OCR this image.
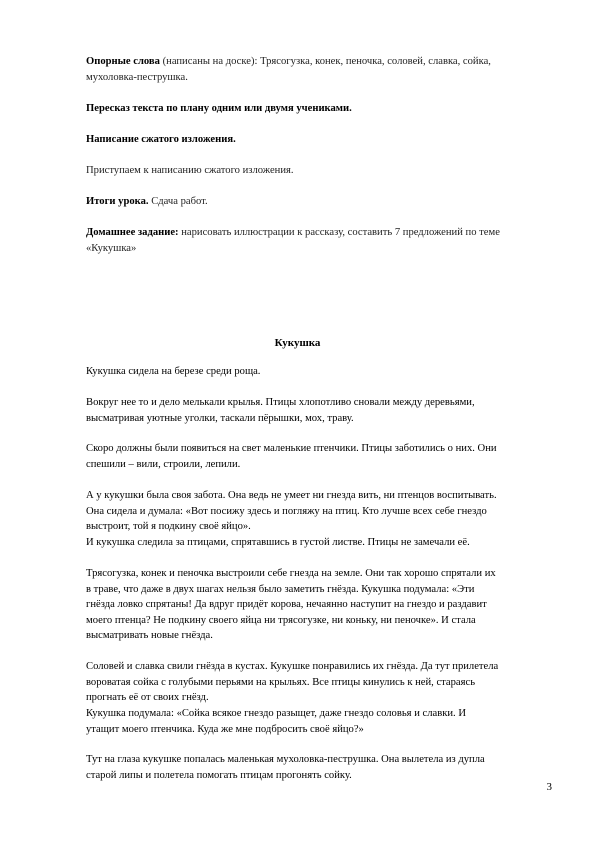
Опорные слова (написаны на доске): Трясогузка, конек, пеночка, соловей, славка, сойка,
мухоловка-пеструшка.
Пересказ текста по плану одним или двумя учениками.
Написание сжатого изложения.
Приступаем к написанию сжатого изложения.
Итоги урока. Сдача работ.
Домашнее задание: нарисовать иллюстрации к рассказу, составить 7 предложений по теме
«Кукушка»
Кукушка

Кукушка сидела на березе среди роща.

Вокруг нее то и дело мелькали крылья. Птицы хлопотливо сновали между деревьями,
высматривая уютные уголки, таскали пёрышки, мох, траву.

Скоро должны были появиться на свет маленькие птенчики. Птицы заботились о них. Они
спешили – вили, строили, лепили.

А у кукушки была своя забота. Она ведь не умеет ни гнезда вить, ни птенцов воспитывать.
Она сидела и думала: «Вот посижу здесь и погляжу на птиц. Кто лучше всех себе гнездо
выстроит, той я подкину своё яйцо».

И кукушка следила за птицами, спрятавшись в густой листве. Птицы не замечали её.

Трясогузка, конек и пеночка выстроили себе гнезда на земле. Они так хорошо спрятали их
в траве, что даже в двух шагах нельзя было заметить гнёзда. Кукушка подумала: «Эти
гнёзда ловко спрятаны! Да вдруг придёт корова, нечаянно наступит на гнездо и раздавит
моего птенца? Не подкину своего яйца ни трясогузке, ни коньку, ни пеночке». И стала
высматривать новые гнёзда.

Соловей и славка свили гнёзда в кустах. Кукушке понравились их гнёзда. Да тут прилетела
вороватая сойка с голубыми перьями на крыльях. Все птицы кинулись к ней, стараясь
прогнать её от своих гнёзд.

Кукушка подумала: «Сойка всякое гнездо разыщет, даже гнездо соловья и славки. И
утащит моего птенчика. Куда же мне подбросить своё яйцо?»

Тут на глаза кукушке попалась маленькая мухоловка-пеструшка. Она вылетела из дупла
старой липы и полетела помогать птицам прогонять сойку.

3
